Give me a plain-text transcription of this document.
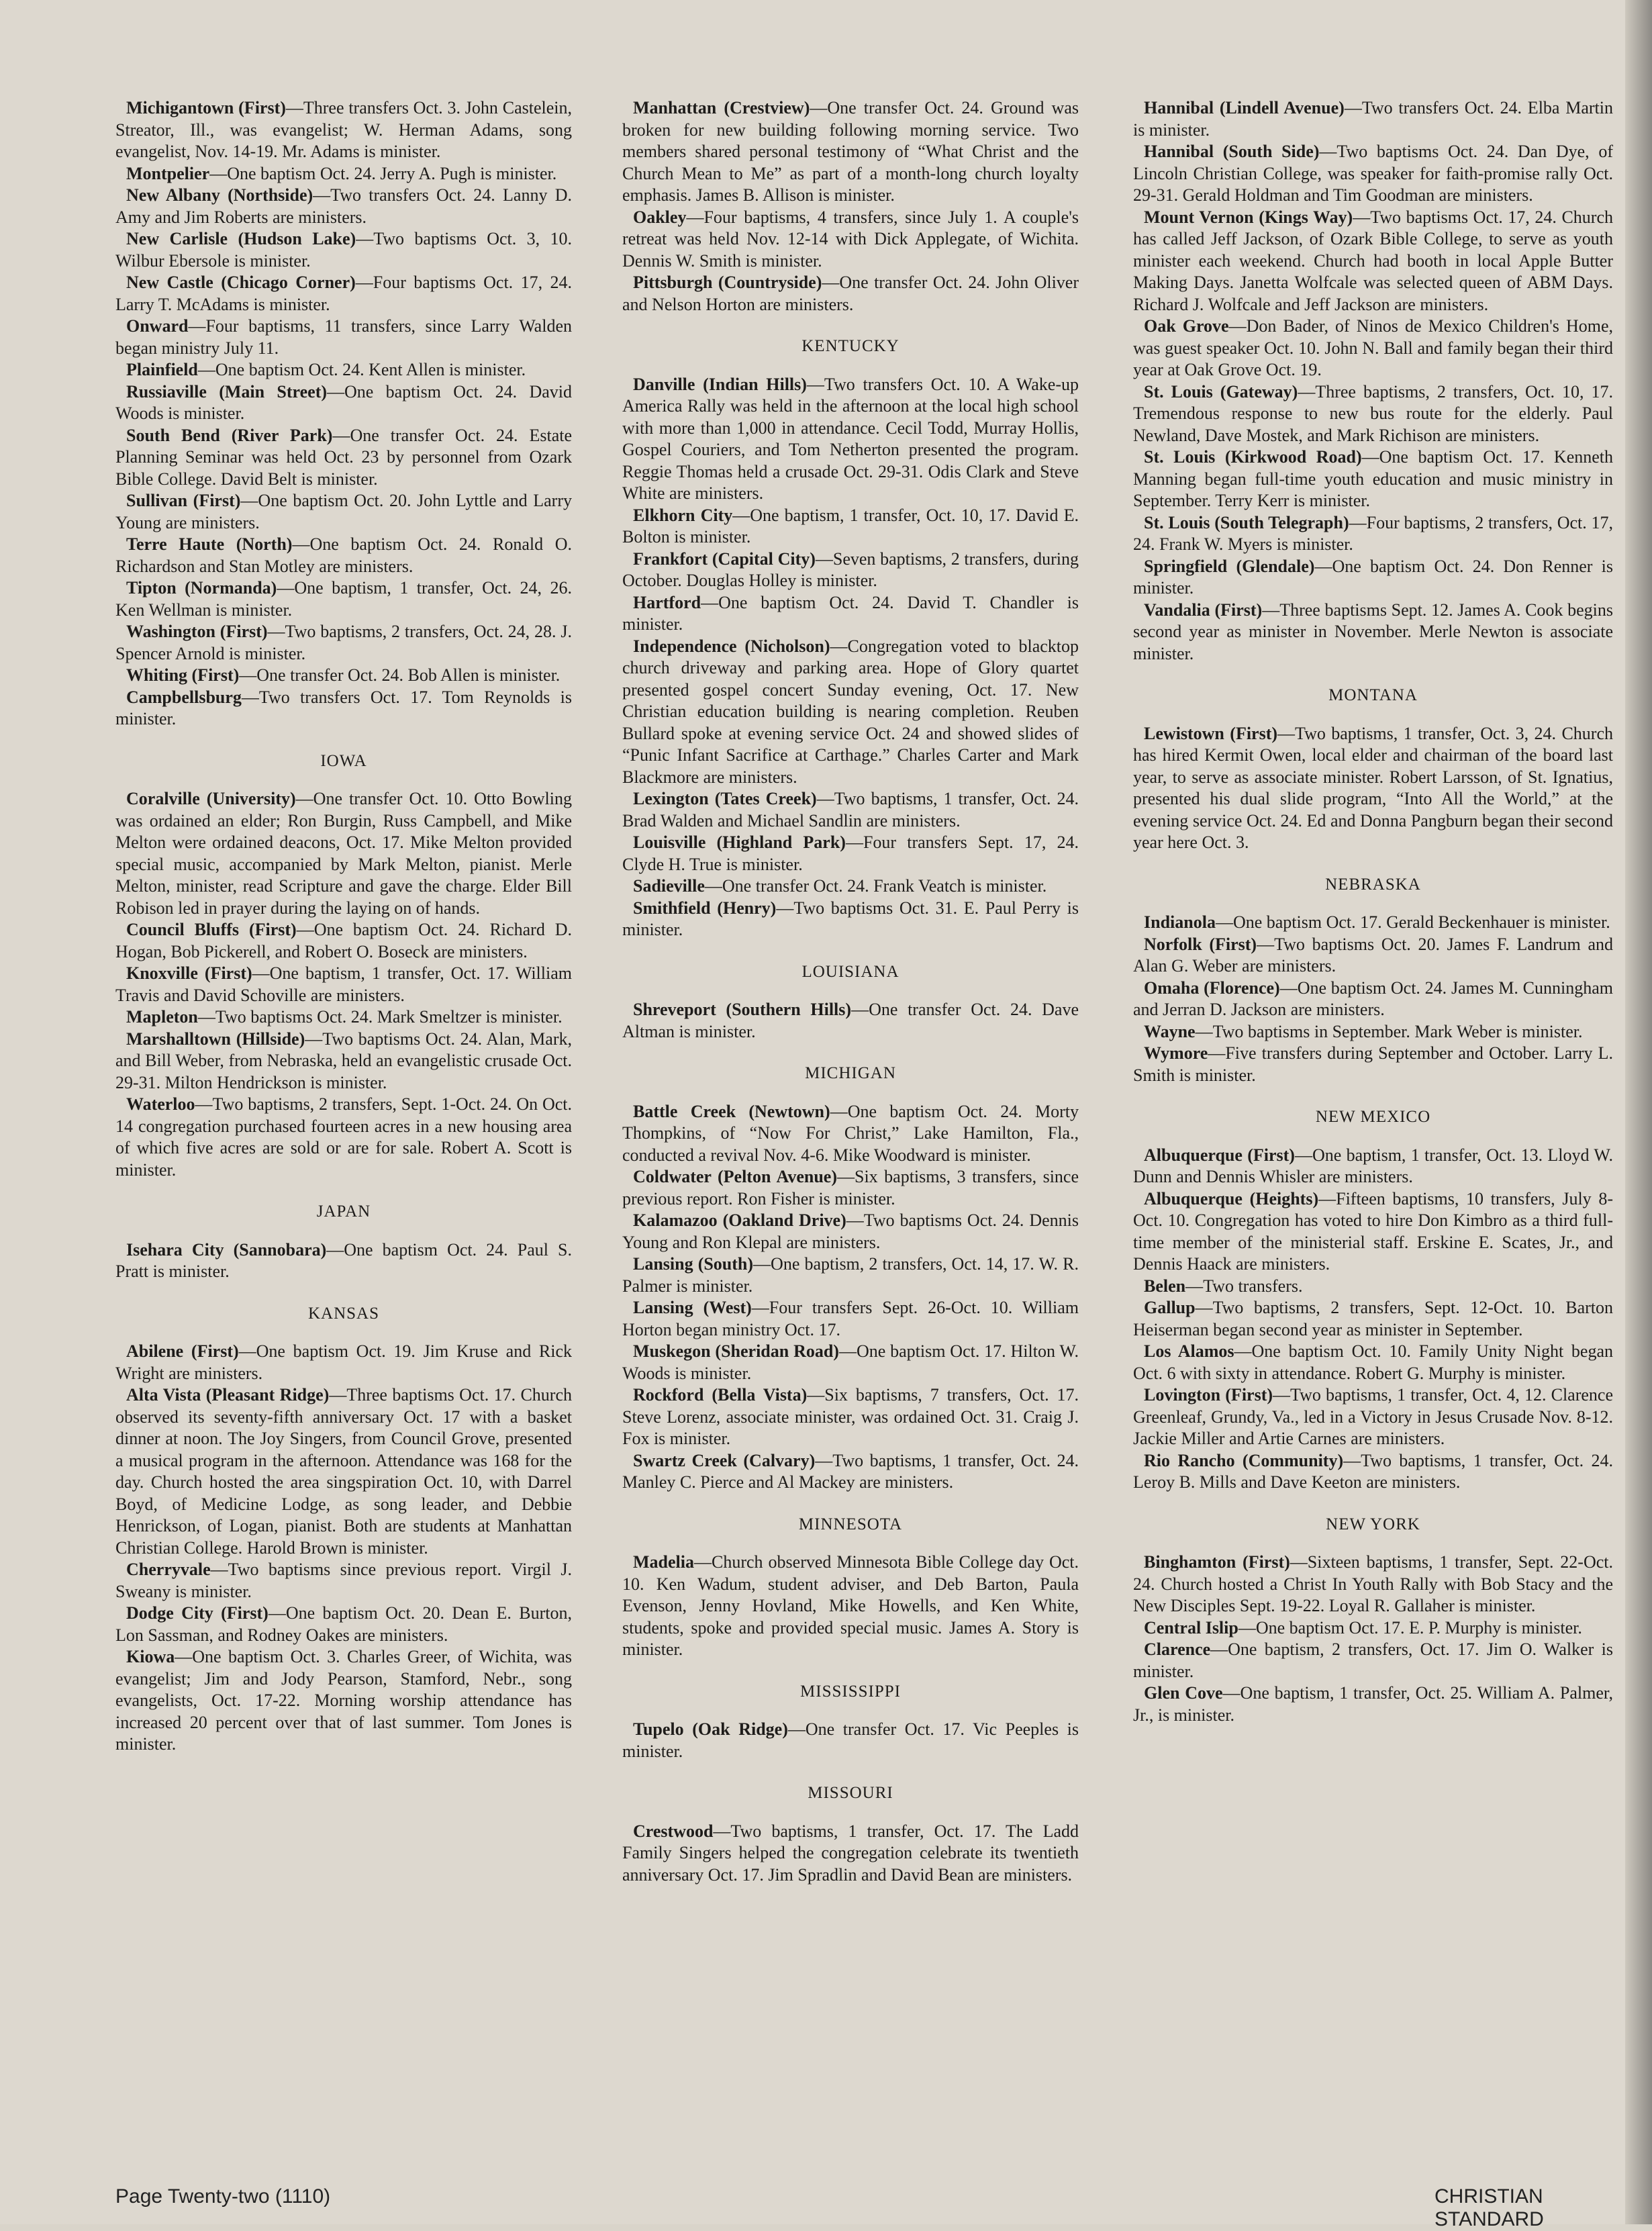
Michigantown (First)—Three transfers Oct. 3. John Castelein, Streator, Ill., was evangelist; W. Herman Adams, song evangelist, Nov. 14-19. Mr. Adams is minister.

Montpelier—One baptism Oct. 24. Jerry A. Pugh is minister.

New Albany (Northside)—Two transfers Oct. 24. Lanny D. Amy and Jim Roberts are ministers.

New Carlisle (Hudson Lake)—Two baptisms Oct. 3, 10. Wilbur Ebersole is minister.

New Castle (Chicago Corner)—Four baptisms Oct. 17, 24. Larry T. McAdams is minister.

Onward—Four baptisms, 11 transfers, since Larry Walden began ministry July 11.

Plainfield—One baptism Oct. 24. Kent Allen is minister.

Russiaville (Main Street)—One baptism Oct. 24. David Woods is minister.

South Bend (River Park)—One transfer Oct. 24. Estate Planning Seminar was held Oct. 23 by personnel from Ozark Bible College. David Belt is minister.

Sullivan (First)—One baptism Oct. 20. John Lyttle and Larry Young are ministers.

Terre Haute (North)—One baptism Oct. 24. Ronald O. Richardson and Stan Motley are ministers.

Tipton (Normanda)—One baptism, 1 transfer, Oct. 24, 26. Ken Wellman is minister.

Washington (First)—Two baptisms, 2 transfers, Oct. 24, 28. J. Spencer Arnold is minister.

Whiting (First)—One transfer Oct. 24. Bob Allen is minister.

Campbellsburg—Two transfers Oct. 17. Tom Reynolds is minister.

IOWA

Coralville (University)—One transfer Oct. 10. Otto Bowling was ordained an elder; Ron Burgin, Russ Campbell, and Mike Melton were ordained deacons, Oct. 17. Mike Melton provided special music, accompanied by Mark Melton, pianist. Merle Melton, minister, read Scripture and gave the charge. Elder Bill Robison led in prayer during the laying on of hands.

Council Bluffs (First)—One baptism Oct. 24. Richard D. Hogan, Bob Pickerell, and Robert O. Boseck are ministers.

Knoxville (First)—One baptism, 1 transfer, Oct. 17. William Travis and David Schoville are ministers.

Mapleton—Two baptisms Oct. 24. Mark Smeltzer is minister.

Marshalltown (Hillside)—Two baptisms Oct. 24. Alan, Mark, and Bill Weber, from Nebraska, held an evangelistic crusade Oct. 29-31. Milton Hendrickson is minister.

Waterloo—Two baptisms, 2 transfers, Sept. 1-Oct. 24. On Oct. 14 congregation purchased fourteen acres in a new housing area of which five acres are sold or are for sale. Robert A. Scott is minister.

JAPAN

Isehara City (Sannobara)—One baptism Oct. 24. Paul S. Pratt is minister.

KANSAS

Abilene (First)—One baptism Oct. 19. Jim Kruse and Rick Wright are ministers.

Alta Vista (Pleasant Ridge)—Three baptisms Oct. 17. Church observed its seventy-fifth anniversary Oct. 17 with a basket dinner at noon. The Joy Singers, from Council Grove, presented a musical program in the afternoon. Attendance was 168 for the day. Church hosted the area singspiration Oct. 10, with Darrel Boyd, of Medicine Lodge, as song leader, and Debbie Henrickson, of Logan, pianist. Both are students at Manhattan Christian College. Harold Brown is minister.

Cherryvale—Two baptisms since previous report. Virgil J. Sweany is minister.

Dodge City (First)—One baptism Oct. 20. Dean E. Burton, Lon Sassman, and Rodney Oakes are ministers.

Kiowa—One baptism Oct. 3. Charles Greer, of Wichita, was evangelist; Jim and Jody Pearson, Stamford, Nebr., song evangelists, Oct. 17-22. Morning worship attendance has increased 20 percent over that of last summer. Tom Jones is minister.

Manhattan (Crestview)—One transfer Oct. 24. Ground was broken for new building following morning service. Two members shared personal testimony of “What Christ and the Church Mean to Me” as part of a month-long church loyalty emphasis. James B. Allison is minister.

Oakley—Four baptisms, 4 transfers, since July 1. A couple's retreat was held Nov. 12-14 with Dick Applegate, of Wichita. Dennis W. Smith is minister.

Pittsburgh (Countryside)—One transfer Oct. 24. John Oliver and Nelson Horton are ministers.

KENTUCKY

Danville (Indian Hills)—Two transfers Oct. 10. A Wake-up America Rally was held in the afternoon at the local high school with more than 1,000 in attendance. Cecil Todd, Murray Hollis, Gospel Couriers, and Tom Netherton presented the program. Reggie Thomas held a crusade Oct. 29-31. Odis Clark and Steve White are ministers.

Elkhorn City—One baptism, 1 transfer, Oct. 10, 17. David E. Bolton is minister.

Frankfort (Capital City)—Seven baptisms, 2 transfers, during October. Douglas Holley is minister.

Hartford—One baptism Oct. 24. David T. Chandler is minister.

Independence (Nicholson)—Congregation voted to blacktop church driveway and parking area. Hope of Glory quartet presented gospel concert Sunday evening, Oct. 17. New Christian education building is nearing completion. Reuben Bullard spoke at evening service Oct. 24 and showed slides of “Punic Infant Sacrifice at Carthage.” Charles Carter and Mark Blackmore are ministers.

Lexington (Tates Creek)—Two baptisms, 1 transfer, Oct. 24. Brad Walden and Michael Sandlin are ministers.

Louisville (Highland Park)—Four transfers Sept. 17, 24. Clyde H. True is minister.

Sadieville—One transfer Oct. 24. Frank Veatch is minister.

Smithfield (Henry)—Two baptisms Oct. 31. E. Paul Perry is minister.

LOUISIANA

Shreveport (Southern Hills)—One transfer Oct. 24. Dave Altman is minister.

MICHIGAN

Battle Creek (Newtown)—One baptism Oct. 24. Morty Thompkins, of “Now For Christ,” Lake Hamilton, Fla., conducted a revival Nov. 4-6. Mike Woodward is minister.

Coldwater (Pelton Avenue)—Six baptisms, 3 transfers, since previous report. Ron Fisher is minister.

Kalamazoo (Oakland Drive)—Two baptisms Oct. 24. Dennis Young and Ron Klepal are ministers.

Lansing (South)—One baptism, 2 transfers, Oct. 14, 17. W. R. Palmer is minister.

Lansing (West)—Four transfers Sept. 26-Oct. 10. William Horton began ministry Oct. 17.

Muskegon (Sheridan Road)—One baptism Oct. 17. Hilton W. Woods is minister.

Rockford (Bella Vista)—Six baptisms, 7 transfers, Oct. 17. Steve Lorenz, associate minister, was ordained Oct. 31. Craig J. Fox is minister.

Swartz Creek (Calvary)—Two baptisms, 1 transfer, Oct. 24. Manley C. Pierce and Al Mackey are ministers.

MINNESOTA

Madelia—Church observed Minnesota Bible College day Oct. 10. Ken Wadum, student adviser, and Deb Barton, Paula Evenson, Jenny Hovland, Mike Howells, and Ken White, students, spoke and provided special music. James A. Story is minister.

MISSISSIPPI

Tupelo (Oak Ridge)—One transfer Oct. 17. Vic Peeples is minister.

MISSOURI

Crestwood—Two baptisms, 1 transfer, Oct. 17. The Ladd Family Singers helped the congregation celebrate its twentieth anniversary Oct. 17. Jim Spradlin and David Bean are ministers.

Hannibal (Lindell Avenue)—Two transfers Oct. 24. Elba Martin is minister.

Hannibal (South Side)—Two baptisms Oct. 24. Dan Dye, of Lincoln Christian College, was speaker for faith-promise rally Oct. 29-31. Gerald Holdman and Tim Goodman are ministers.

Mount Vernon (Kings Way)—Two baptisms Oct. 17, 24. Church has called Jeff Jackson, of Ozark Bible College, to serve as youth minister each weekend. Church had booth in local Apple Butter Making Days. Janetta Wolfcale was selected queen of ABM Days. Richard J. Wolfcale and Jeff Jackson are ministers.

Oak Grove—Don Bader, of Ninos de Mexico Children's Home, was guest speaker Oct. 10. John N. Ball and family began their third year at Oak Grove Oct. 19.

St. Louis (Gateway)—Three baptisms, 2 transfers, Oct. 10, 17. Tremendous response to new bus route for the elderly. Paul Newland, Dave Mostek, and Mark Richison are ministers.

St. Louis (Kirkwood Road)—One baptism Oct. 17. Kenneth Manning began full-time youth education and music ministry in September. Terry Kerr is minister.

St. Louis (South Telegraph)—Four baptisms, 2 transfers, Oct. 17, 24. Frank W. Myers is minister.

Springfield (Glendale)—One baptism Oct. 24. Don Renner is minister.

Vandalia (First)—Three baptisms Sept. 12. James A. Cook begins second year as minister in November. Merle Newton is associate minister.

MONTANA

Lewistown (First)—Two baptisms, 1 transfer, Oct. 3, 24. Church has hired Kermit Owen, local elder and chairman of the board last year, to serve as associate minister. Robert Larsson, of St. Ignatius, presented his dual slide program, “Into All the World,” at the evening service Oct. 24. Ed and Donna Pangburn began their second year here Oct. 3.

NEBRASKA

Indianola—One baptism Oct. 17. Gerald Beckenhauer is minister.

Norfolk (First)—Two baptisms Oct. 20. James F. Landrum and Alan G. Weber are ministers.

Omaha (Florence)—One baptism Oct. 24. James M. Cunningham and Jerran D. Jackson are ministers.

Wayne—Two baptisms in September. Mark Weber is minister.

Wymore—Five transfers during September and October. Larry L. Smith is minister.

NEW MEXICO

Albuquerque (First)—One baptism, 1 transfer, Oct. 13. Lloyd W. Dunn and Dennis Whisler are ministers.

Albuquerque (Heights)—Fifteen baptisms, 10 transfers, July 8-Oct. 10. Congregation has voted to hire Don Kimbro as a third full-time member of the ministerial staff. Erskine E. Scates, Jr., and Dennis Haack are ministers.

Belen—Two transfers.

Gallup—Two baptisms, 2 transfers, Sept. 12-Oct. 10. Barton Heiserman began second year as minister in September.

Los Alamos—One baptism Oct. 10. Family Unity Night began Oct. 6 with sixty in attendance. Robert G. Murphy is minister.

Lovington (First)—Two baptisms, 1 transfer, Oct. 4, 12. Clarence Greenleaf, Grundy, Va., led in a Victory in Jesus Crusade Nov. 8-12. Jackie Miller and Artie Carnes are ministers.

Rio Rancho (Community)—Two baptisms, 1 transfer, Oct. 24. Leroy B. Mills and Dave Keeton are ministers.

NEW YORK

Binghamton (First)—Sixteen baptisms, 1 transfer, Sept. 22-Oct. 24. Church hosted a Christ In Youth Rally with Bob Stacy and the New Disciples Sept. 19-22. Loyal R. Gallaher is minister.

Central Islip—One baptism Oct. 17. E. P. Murphy is minister.

Clarence—One baptism, 2 transfers, Oct. 17. Jim O. Walker is minister.

Glen Cove—One baptism, 1 transfer, Oct. 25. William A. Palmer, Jr., is minister.

Page Twenty-two (1110)	CHRISTIAN STANDARD
